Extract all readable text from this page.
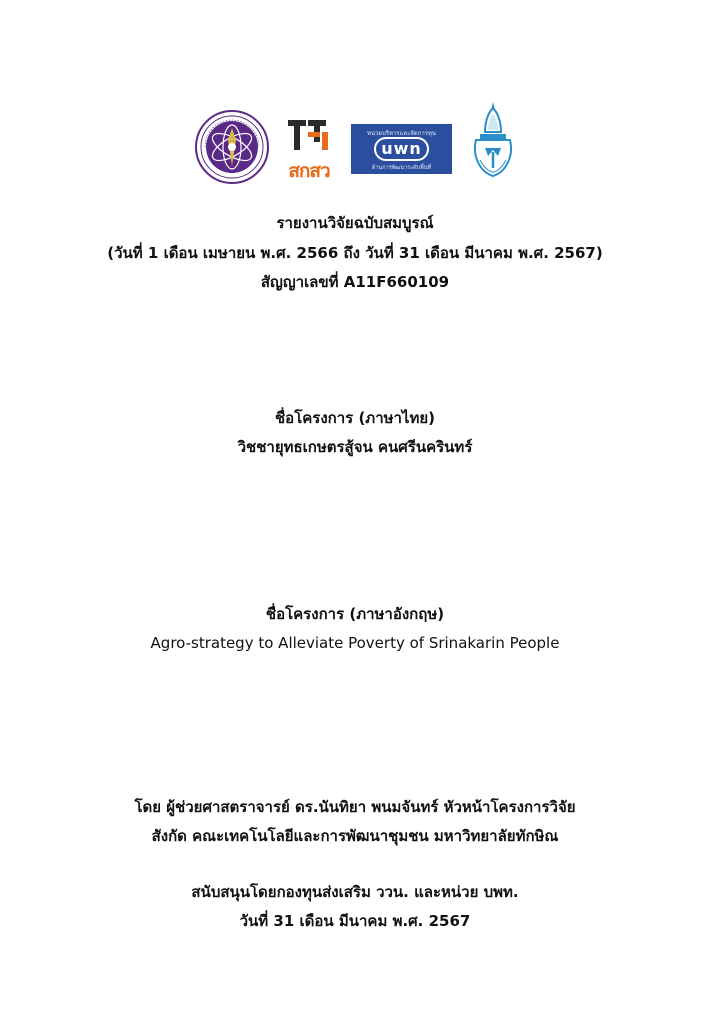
สกสว
หน่วยบริหารและจัดการทุน
uwn
ด้านการพัฒนาระดับพื้นที่
รายงานวิจัยฉบับสมบูรณ์
(วันที่ 1 เดือน เมษายน พ.ศ. 2566 ถึง วันที่ 31 เดือน มีนาคม พ.ศ. 2567)
สัญญาเลขที่ A11F660109
ชื่อโครงการ (ภาษาไทย)
วิชชายุทธเกษตรสู้จน คนศรีนครินทร์
ชื่อโครงการ (ภาษาอังกฤษ)
Agro-strategy to Alleviate Poverty of Srinakarin People
โดย ผู้ช่วยศาสตราจารย์ ดร.นันทิยา พนมจันทร์ หัวหน้าโครงการวิจัย
สังกัด คณะเทคโนโลยีและการพัฒนาชุมชน มหาวิทยาลัยทักษิณ
สนับสนุนโดยกองทุนส่งเสริม ววน. และหน่วย บพท.
วันที่ 31 เดือน มีนาคม พ.ศ. 2567
